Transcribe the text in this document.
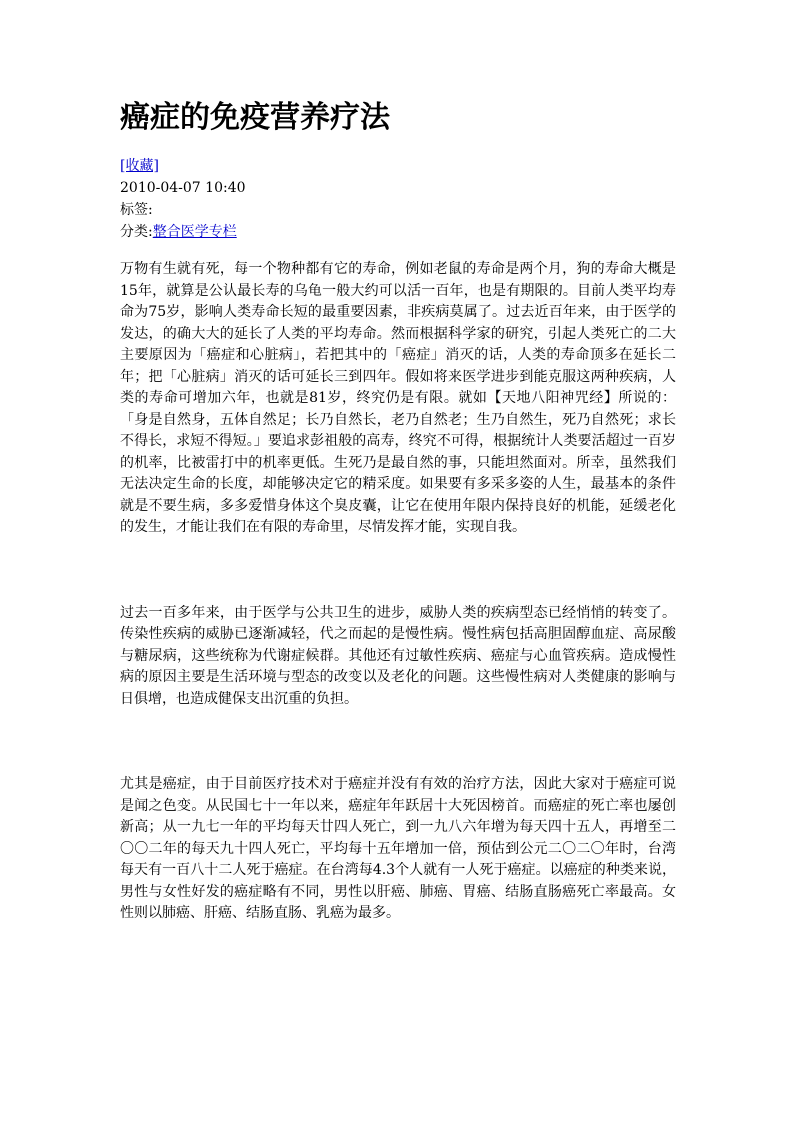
癌症的免疫营养疗法
[收藏]
2010-04-07 10:40
标签:
分类:整合医学专栏

万物有生就有死，每一个物种都有它的寿命，例如老鼠的寿命是两个月，狗的寿命大概是15年，就算是公认最长寿的乌龟一般大约可以活一百年，也是有期限的。目前人类平均寿命为75岁，影响人类寿命长短的最重要因素，非疾病莫属了。过去近百年来，由于医学的发达，的确大大的延长了人类的平均寿命。然而根据科学家的研究，引起人类死亡的二大主要原因为「癌症和心脏病」，若把其中的「癌症」消灭的话，人类的寿命顶多在延长二年；把「心脏病」消灭的话可延长三到四年。假如将来医学进步到能克服这两种疾病，人类的寿命可增加六年，也就是81岁，终究仍是有限。就如【天地八阳神咒经】所说的：「身是自然身，五体自然足；长乃自然长，老乃自然老；生乃自然生，死乃自然死；求长不得长，求短不得短。」要追求彭祖般的高寿，终究不可得，根据统计人类要活超过一百岁的机率，比被雷打中的机率更低。生死乃是最自然的事，只能坦然面对。所幸，虽然我们无法决定生命的长度，却能够决定它的精采度。如果要有多采多姿的人生，最基本的条件就是不要生病，多多爱惜身体这个臭皮囊，让它在使用年限内保持良好的机能，延缓老化的发生，才能让我们在有限的寿命里，尽情发挥才能，实现自我。

过去一百多年来，由于医学与公共卫生的进步，威胁人类的疾病型态已经悄悄的转变了。传染性疾病的威胁已逐渐减轻，代之而起的是慢性病。慢性病包括高胆固醇血症、高尿酸与糖尿病，这些统称为代谢症候群。其他还有过敏性疾病、癌症与心血管疾病。造成慢性病的原因主要是生活环境与型态的改变以及老化的问题。这些慢性病对人类健康的影响与日俱增，也造成健保支出沉重的负担。

尤其是癌症，由于目前医疗技术对于癌症并没有有效的治疗方法，因此大家对于癌症可说是闻之色变。从民国七十一年以来，癌症年年跃居十大死因榜首。而癌症的死亡率也屡创新高；从一九七一年的平均每天廿四人死亡，到一九八六年增为每天四十五人，再增至二〇〇二年的每天九十四人死亡，平均每十五年增加一倍，预估到公元二〇二〇年时，台湾每天有一百八十二人死于癌症。在台湾每4.3个人就有一人死于癌症。以癌症的种类来说，男性与女性好发的癌症略有不同，男性以肝癌、肺癌、胃癌、结肠直肠癌死亡率最高。女性则以肺癌、肝癌、结肠直肠、乳癌为最多。
